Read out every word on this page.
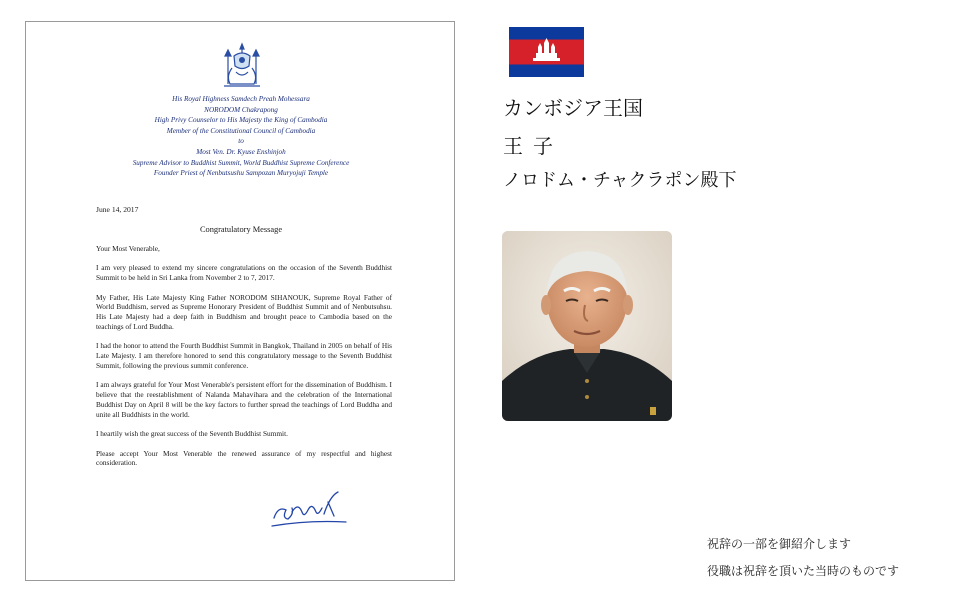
His Royal Highness Samdech Preah Mohessara
NORODOM Chakrapong
High Privy Counselor to His Majesty the King of Cambodia
Member of the Constitutional Council of Cambodia
to
Most Ven. Dr. Kyuse Enshinjoh
Supreme Advisor to Buddhist Summit, World Buddhist Supreme Conference
Founder Priest of Nenbutsushu Sampozan Muryojuji Temple
June 14, 2017
Congratulatory Message

Your Most Venerable,

I am very pleased to extend my sincere congratulations on the occasion of the Seventh Buddhist Summit to be held in Sri Lanka from November 2 to 7, 2017.

My Father, His Late Majesty King Father NORODOM SIHANOUK, Supreme Royal Father of World Buddhism, served as Supreme Honorary President of Buddhist Summit and of Nenbutsuhsu. His Late Majesty had a deep faith in Buddhism and brought peace to Cambodia based on the teachings of Lord Buddha.

I had the honor to attend the Fourth Buddhist Summit in Bangkok, Thailand in 2005 on behalf of His Late Majesty. I am therefore honored to send this congratulatory message to the Seventh Buddhist Summit, following the previous summit conference.

I am always grateful for Your Most Venerable's persistent effort for the dissemination of Buddhism. I believe that the reestablishment of Nalanda Mahavihara and the celebration of the International Buddhist Day on April 8 will be the key factors to further spread the teachings of Lord Buddha and unite all Buddhists in the world.

I heartily wish the great success of the Seventh Buddhist Summit.

Please accept Your Most Venerable the renewed assurance of my respectful and highest consideration.

カンボジア王国
王子
ノロドム・チャクラポン殿下
祝辞の一部を御紹介します
役職は祝辞を頂いた当時のものです
